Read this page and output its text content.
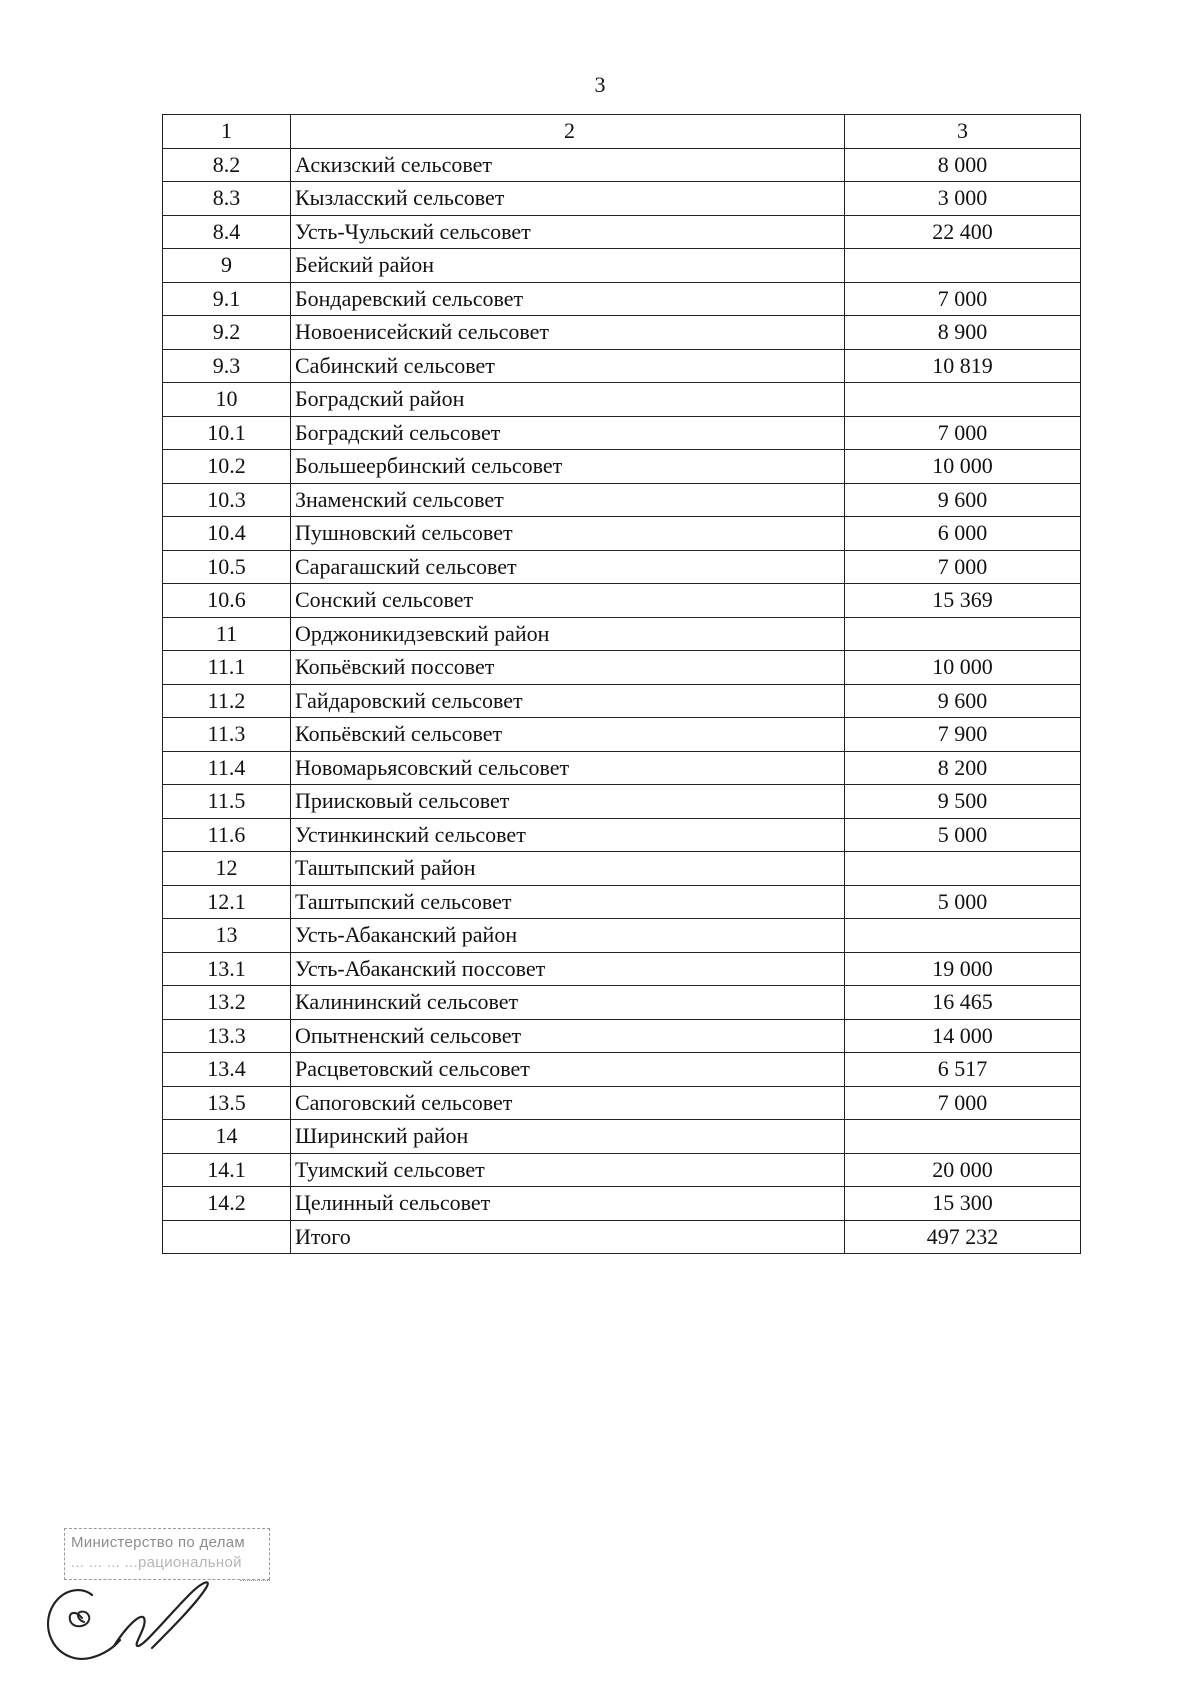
3
1	2	3
8.2	Аскизский сельсовет	8 000
8.3	Кызласский сельсовет	3 000
8.4	Усть-Чульский сельсовет	22 400
9	Бейский район	
9.1	Бондаревский сельсовет	7 000
9.2	Новоенисейский сельсовет	8 900
9.3	Сабинский сельсовет	10 819
10	Боградский район	
10.1	Боградский сельсовет	7 000
10.2	Большеербинский сельсовет	10 000
10.3	Знаменский сельсовет	9 600
10.4	Пушновский сельсовет	6 000
10.5	Сарагашский сельсовет	7 000
10.6	Сонский сельсовет	15 369
11	Орджоникидзевский район	
11.1	Копьёвский поссовет	10 000
11.2	Гайдаровский сельсовет	9 600
11.3	Копьёвский сельсовет	7 900
11.4	Новомарьясовский сельсовет	8 200
11.5	Приисковый сельсовет	9 500
11.6	Устинкинский сельсовет	5 000
12	Таштыпский район	
12.1	Таштыпский сельсовет	5 000
13	Усть-Абаканский район	
13.1	Усть-Абаканский поссовет	19 000
13.2	Калининский сельсовет	16 465
13.3	Опытненский сельсовет	14 000
13.4	Расцветовский сельсовет	6 517
13.5	Сапоговский сельсовет	7 000
14	Ширинский район	
14.1	Туимский сельсовет	20 000
14.2	Целинный сельсовет	15 300
	Итого	497 232
Министерство по делам
... ... ... ...рациональной
